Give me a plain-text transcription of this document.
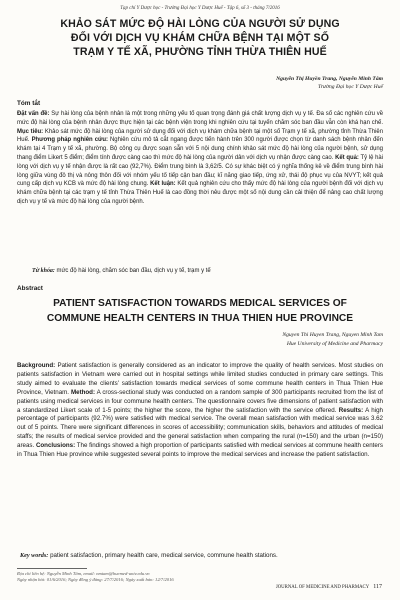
Tạp chí Y Dược học - Trường Đại học Y Dược Huế - Tập 6, số 3 - tháng 7/2016
KHẢO SÁT MỨC ĐỘ HÀI LÒNG CỦA NGƯỜI SỬ DỤNG
ĐỐI VỚI DỊCH VỤ KHÁM CHỮA BỆNH TẠI MỘT SỐ
TRẠM Y TẾ XÃ, PHƯỜNG TỈNH THỪA THIÊN HUẾ
Nguyễn Thị Huyền Trang, Nguyễn Minh Tâm
Trường Đại học Y Dược Huế
Tóm tắt
Đặt vấn đề: Sự hài lòng của bệnh nhân là một trong những yếu tố quan trọng đánh giá chất lượng dịch vụ y tế. Đa số các nghiên cứu về mức độ hài lòng của bệnh nhân được thực hiện tại các bệnh viện trong khi nghiên cứu tại tuyến chăm sóc ban đầu vẫn còn khá hạn chế. Mục tiêu: Khảo sát mức độ hài lòng của người sử dụng đối với dịch vụ khám chữa bệnh tại một số Trạm y tế xã, phường tỉnh Thừa Thiên Huế. Phương pháp nghiên cứu: Nghiên cứu mô tả cắt ngang được tiến hành trên 300 người được chọn từ danh sách bệnh nhân đến khám tại 4 Trạm y tế xã, phường. Bộ công cụ được soạn sẵn với 5 nội dung chính khảo sát mức độ hài lòng của người bệnh, sử dụng thang điểm Likert 5 điểm; điểm tính được càng cao thì mức độ hài lòng của người dân với dịch vụ nhận được càng cao. Kết quả: Tỷ lệ hài lòng với dịch vụ y tế nhận được là rất cao (92,7%). Điểm trung bình là 3,62/5. Có sự khác biệt có ý nghĩa thống kê về điểm trung bình hài lòng giữa vùng đô thị và nông thôn đối với nhóm yếu tố tiếp cận ban đầu; kĩ năng giao tiếp, ứng xử, thái độ phục vụ của NVYT; kết quả cung cấp dịch vụ KCB và mức độ hài lòng chung. Kết luận: Kết quả nghiên cứu cho thấy mức độ hài lòng của người bệnh đối với dịch vụ khám chữa bệnh tại các trạm y tế tỉnh Thừa Thiên Huế là cao đồng thời nêu được một số nội dung cần cải thiện để nâng cao chất lượng dịch vụ y tế và mức độ hài lòng của người bệnh.
Từ khóa: mức độ hài lòng, chăm sóc ban đầu, dịch vụ y tế, trạm y tế
Abstract
PATIENT SATISFACTION TOWARDS MEDICAL SERVICES OF
COMMUNE HEALTH CENTERS IN THUA THIEN HUE PROVINCE
Nguyen Thi Huyen Trang, Nguyen Minh Tam
Hue University of Medicine and Pharmacy
Background: Patient satisfaction is generally considered as an indicator to improve the quality of health services. Most studies on patients satisfaction in Vietnam were carried out in hospital settings while limited studies conducted in primary care settings. This study aimed to evaluate the clients' satisfaction towards medical services of some commune health centers in Thua Thien Hue Province, Vietnam. Method: A cross-sectional study was conducted on a random sample of 300 participants recruited from the list of patients using medical services in four commune health centers. The questionnaire covers five dimensions of patient satisfaction with a standardized Likert scale of 1-5 points; the higher the score, the higher the satisfaction with the service offered. Results: A high percentage of participants (92.7%) were satisfied with medical service. The overall mean satisfaction with medical service was 3.62 out of 5 points. There were significant differences in scores of accessibility; communication skills, behaviors and attitudes of medical staffs; the results of medical service provided and the general satisfaction when comparing the rural (n=150) and the urban (n=150) areas. Conclusions: The findings showed a high proportion of participants satisfied with medical services at commune health centers in Thua Thien Hue province while suggested several points to improve the medical services and increase the patient satisfaction.
Key words: patient satisfaction, primary health care, medical service, commune health stations.
Địa chỉ liên hệ: Nguyễn Minh Tâm, email: nmtam@huemed-univ.edu.vn
Ngày nhận bài: 01/6/2016; Ngày đồng ý đăng: 27/7/2016; Ngày xuất bản: 12/7/2016
JOURNAL OF MEDICINE AND PHARMACY 117
